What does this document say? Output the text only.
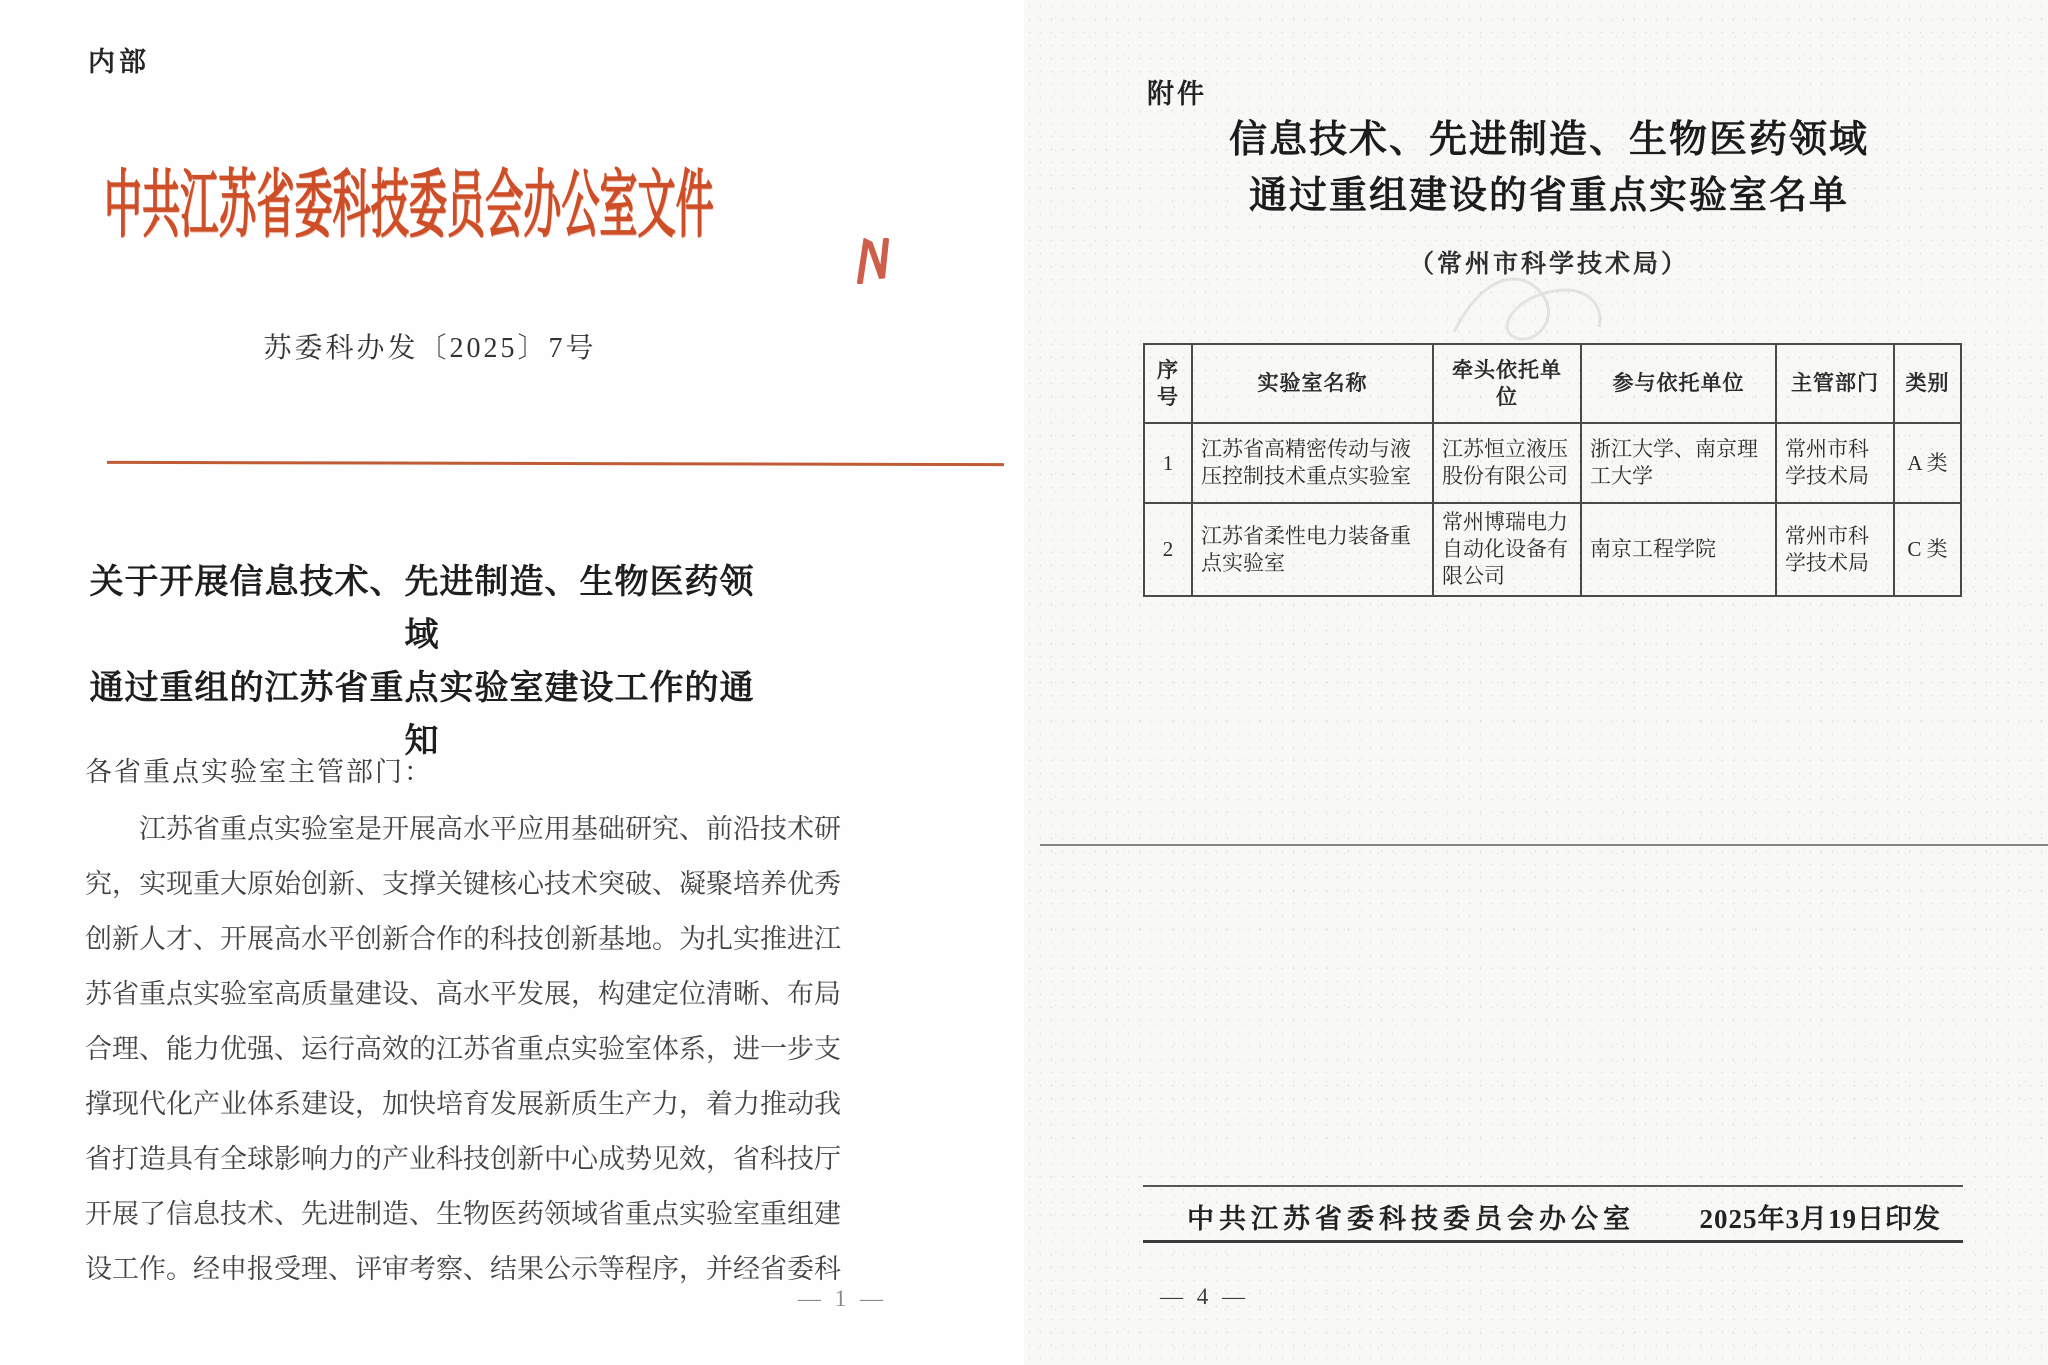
内部
中共江苏省委科技委员会办公室文件
苏委科办发〔2025〕7号
关于开展信息技术、先进制造、生物医药领域
通过重组的江苏省重点实验室建设工作的通知
各省重点实验室主管部门：
江苏省重点实验室是开展高水平应用基础研究、前沿技术研
究，实现重大原始创新、支撑关键核心技术突破、凝聚培养优秀
创新人才、开展高水平创新合作的科技创新基地。为扎实推进江
苏省重点实验室高质量建设、高水平发展，构建定位清晰、布局
合理、能力优强、运行高效的江苏省重点实验室体系，进一步支
撑现代化产业体系建设，加快培育发展新质生产力，着力推动我
省打造具有全球影响力的产业科技创新中心成势见效，省科技厅
开展了信息技术、先进制造、生物医药领域省重点实验室重组建
设工作。经申报受理、评审考察、结果公示等程序，并经省委科
— 1 —
附件
信息技术、先进制造、生物医药领域
通过重组建设的省重点实验室名单
（常州市科学技术局）
序号	实验室名称	牵头依托单位	参与依托单位	主管部门	类别
1	江苏省高精密传动与液压控制技术重点实验室	江苏恒立液压股份有限公司	浙江大学、南京理工大学	常州市科学技术局	A 类
2	江苏省柔性电力装备重点实验室	常州博瑞电力自动化设备有限公司	南京工程学院	常州市科学技术局	C 类
中共江苏省委科技委员会办公室 2025年3月19日印发
— 4 —
